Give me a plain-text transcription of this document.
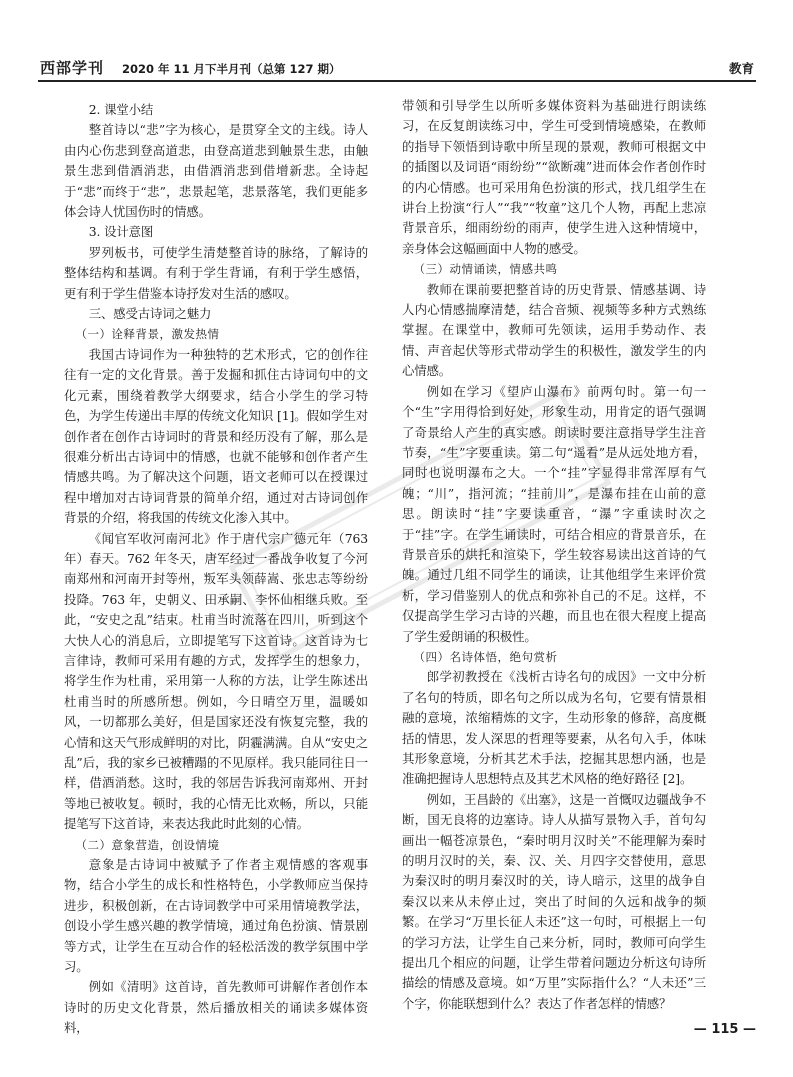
西部学刊 2020 年 11 月下半月刊（总第 127 期）	教育
2. 课堂小结

整首诗以“悲”字为核心，是贯穿全文的主线。诗人由内心伤悲到登高道悲，由登高道悲到触景生悲，由触景生悲到借酒消悲，由借酒消悲到借增新悲。全诗起于“悲”而终于“悲”，悲景起笔，悲景落笔，我们更能多体会诗人忧国伤时的情感。

3. 设计意图

罗列板书，可使学生清楚整首诗的脉络，了解诗的整体结构和基调。有利于学生背诵，有利于学生感悟，更有利于学生借鉴本诗抒发对生活的感叹。

三、感受古诗词之魅力
（一）诠释背景，激发热情

我国古诗词作为一种独特的艺术形式，它的创作往往有一定的文化背景。善于发掘和抓住古诗词句中的文化元素，围绕着教学大纲要求，结合小学生的学习特色，为学生传递出丰厚的传统文化知识 [1]。假如学生对创作者在创作古诗词时的背景和经历没有了解，那么是很难分析出古诗词中的情感，也就不能够和创作者产生情感共鸣。为了解决这个问题，语文老师可以在授课过程中增加对古诗词背景的简单介绍，通过对古诗词创作背景的介绍，将我国的传统文化渗入其中。

《闻官军收河南河北》作于唐代宗广德元年（763 年）春天。762 年冬天，唐军经过一番战争收复了今河南郑州和河南开封等州，叛军头领薛嵩、张忠志等纷纷投降。763 年，史朝义、田承嗣、李怀仙相继兵败。至此，“安史之乱”结束。杜甫当时流落在四川，听到这个大快人心的消息后，立即提笔写下这首诗。这首诗为七言律诗，教师可采用有趣的方式，发挥学生的想象力，将学生作为杜甫，采用第一人称的方法，让学生陈述出杜甫当时的所感所想。例如，今日晴空万里，温暖如风，一切都那么美好，但是国家还没有恢复完整，我的心情和这天气形成鲜明的对比，阴霾满满。自从“安史之乱”后，我的家乡已被糟蹋的不见原样。我只能同往日一样，借酒消愁。这时，我的邻居告诉我河南郑州、开封等地已被收复。顿时，我的心情无比欢畅，所以，只能提笔写下这首诗，来表达我此时此刻的心情。

（二）意象营造，创设情境

意象是古诗词中被赋予了作者主观情感的客观事物，结合小学生的成长和性格特色，小学教师应当保持进步，积极创新，在古诗词教学中可采用情境教学法，创设小学生感兴趣的教学情境，通过角色扮演、情景剧等方式，让学生在互动合作的轻松活泼的教学氛围中学习。

例如《清明》这首诗，首先教师可讲解作者创作本诗时的历史文化背景，然后播放相关的诵读多媒体资料，

带领和引导学生以所听多媒体资料为基础进行朗读练习，在反复朗读练习中，学生可受到情境感染，在教师的指导下领悟到诗歌中所呈现的景观，教师可根据文中的插图以及词语“雨纷纷”“欲断魂”进而体会作者创作时的内心情感。也可采用角色扮演的形式，找几组学生在讲台上扮演“行人”“我”“牧童”这几个人物，再配上悲凉背景音乐，细雨纷纷的雨声，使学生进入这种情境中，亲身体会这幅画面中人物的感受。

（三）动情诵读，情感共鸣

教师在课前要把整首诗的历史背景、情感基调、诗人内心情感揣摩清楚，结合音频、视频等多种方式熟练掌握。在课堂中，教师可先领读，运用手势动作、表情、声音起伏等形式带动学生的积极性，激发学生的内心情感。

例如在学习《望庐山瀑布》前两句时。第一句一个“生”字用得恰到好处，形象生动，用肯定的语气强调了奇景给人产生的真实感。朗读时要注意指导学生注音节奏，“生”字要重读。第二句“遥看”是从远处地方看，同时也说明瀑布之大。一个“挂”字显得非常浑厚有气魄；“川”，指河流；“挂前川”，是瀑布挂在山前的意思。朗读时“挂”字要读重音，“瀑”字重读时次之于“挂”字。在学生诵读时，可结合相应的背景音乐，在背景音乐的烘托和渲染下，学生较容易读出这首诗的气魄。通过几组不同学生的诵读，让其他组学生来评价赏析，学习借鉴别人的优点和弥补自己的不足。这样，不仅提高学生学习古诗的兴趣，而且也在很大程度上提高了学生爱朗诵的积极性。

（四）名诗体悟，绝句赏析

郎学初教授在《浅析古诗名句的成因》一文中分析了名句的特质，即名句之所以成为名句，它要有情景相融的意境，浓缩精炼的文字，生动形象的修辞，高度概括的情思，发人深思的哲理等要素，从名句入手，体味其形象意境，分析其艺术手法，挖掘其思想内涵，也是准确把握诗人思想特点及其艺术风格的绝好路径 [2]。

例如，王昌龄的《出塞》，这是一首慨叹边疆战争不断，国无良将的边塞诗。诗人从描写景物入手，首句勾画出一幅苍凉景色，“秦时明月汉时关”不能理解为秦时的明月汉时的关，秦、汉、关、月四字交替使用，意思为秦汉时的明月秦汉时的关，诗人暗示，这里的战争自秦汉以来从未停止过，突出了时间的久远和战争的频繁。在学习“万里长征人未还”这一句时，可根据上一句的学习方法，让学生自己来分析，同时，教师可向学生提出几个相应的问题，让学生带着问题边分析这句诗所描绘的情感及意境。如“万里”实际指什么？“人未还”三个字，你能联想到什么？表达了作者怎样的情感？

— 115 —
